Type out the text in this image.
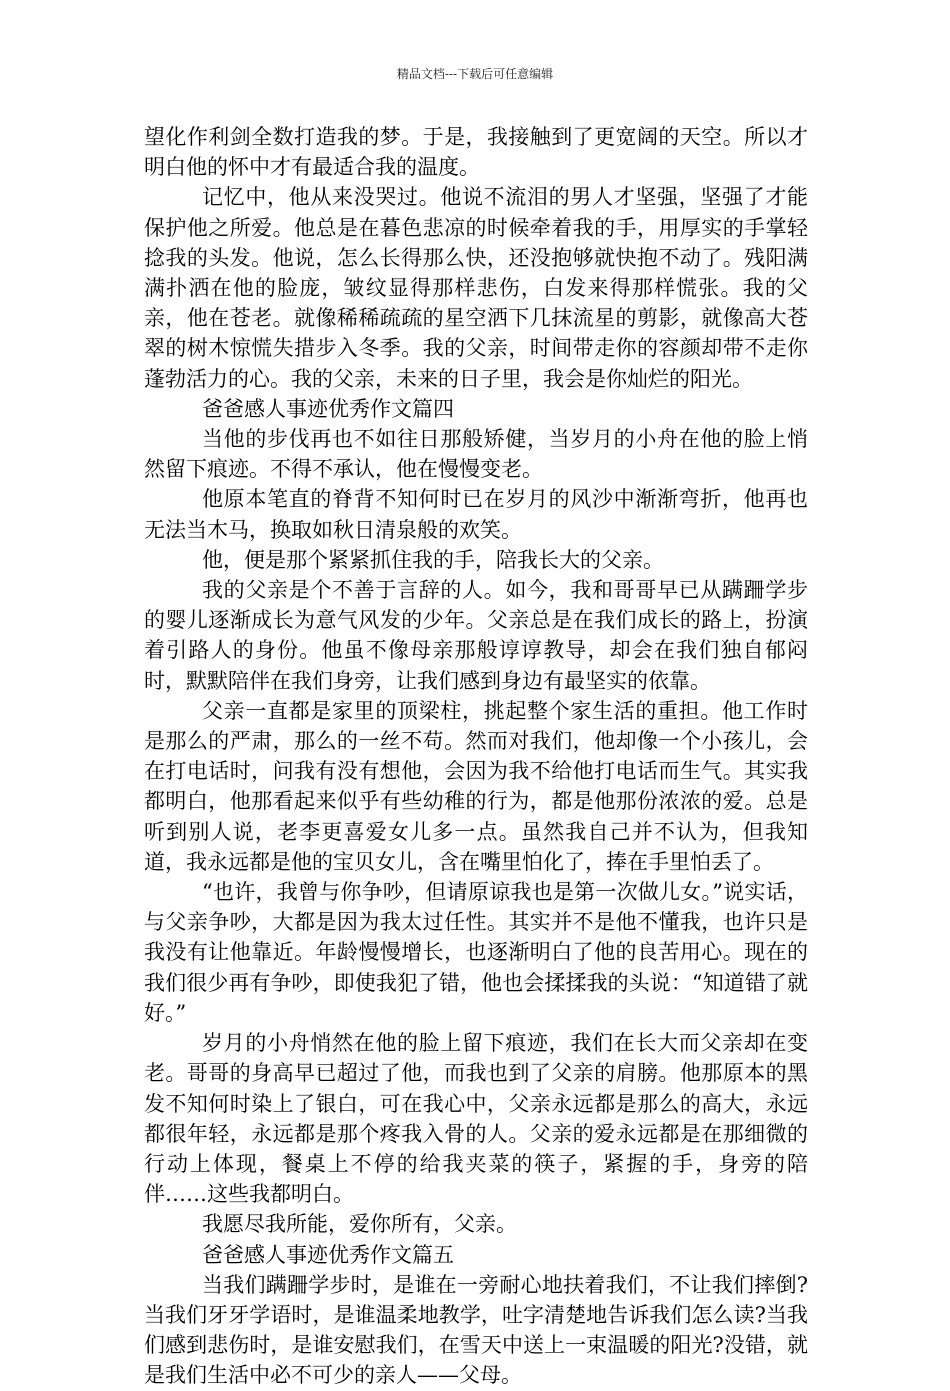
精品文档---下载后可任意编辑

望化作利剑全数打造我的梦。于是，我接触到了更宽阔的天空。所以才明白他的怀中才有最适合我的温度。

记忆中，他从来没哭过。他说不流泪的男人才坚强，坚强了才能保护他之所爱。他总是在暮色悲凉的时候牵着我的手，用厚实的手掌轻捻我的头发。他说，怎么长得那么快，还没抱够就快抱不动了。残阳满满扑洒在他的脸庞，皱纹显得那样悲伤，白发来得那样慌张。我的父亲，他在苍老。就像稀稀疏疏的星空洒下几抹流星的剪影，就像高大苍翠的树木惊慌失措步入冬季。我的父亲，时间带走你的容颜却带不走你蓬勃活力的心。我的父亲，未来的日子里，我会是你灿烂的阳光。

爸爸感人事迹优秀作文篇四

当他的步伐再也不如往日那般矫健，当岁月的小舟在他的脸上悄然留下痕迹。不得不承认，他在慢慢变老。

他原本笔直的脊背不知何时已在岁月的风沙中渐渐弯折，他再也无法当木马，换取如秋日清泉般的欢笑。

他，便是那个紧紧抓住我的手，陪我长大的父亲。

我的父亲是个不善于言辞的人。如今，我和哥哥早已从蹒跚学步的婴儿逐渐成长为意气风发的少年。父亲总是在我们成长的路上，扮演着引路人的身份。他虽不像母亲那般谆谆教导，却会在我们独自郁闷时，默默陪伴在我们身旁，让我们感到身边有最坚实的依靠。

父亲一直都是家里的顶梁柱，挑起整个家生活的重担。他工作时是那么的严肃，那么的一丝不苟。然而对我们，他却像一个小孩儿，会在打电话时，问我有没有想他，会因为我不给他打电话而生气。其实我都明白，他那看起来似乎有些幼稚的行为，都是他那份浓浓的爱。总是听到别人说，老李更喜爱女儿多一点。虽然我自己并不认为，但我知道，我永远都是他的宝贝女儿，含在嘴里怕化了，捧在手里怕丢了。

“也许，我曾与你争吵，但请原谅我也是第一次做儿女。”说实话，与父亲争吵，大都是因为我太过任性。其实并不是他不懂我，也许只是我没有让他靠近。年龄慢慢增长，也逐渐明白了他的良苦用心。现在的我们很少再有争吵，即使我犯了错，他也会揉揉我的头说：“知道错了就好。”

岁月的小舟悄然在他的脸上留下痕迹，我们在长大而父亲却在变老。哥哥的身高早已超过了他，而我也到了父亲的肩膀。他那原本的黑发不知何时染上了银白，可在我心中，父亲永远都是那么的高大，永远都很年轻，永远都是那个疼我入骨的人。父亲的爱永远都是在那细微的行动上体现，餐桌上不停的给我夹菜的筷子，紧握的手，身旁的陪伴……这些我都明白。

我愿尽我所能，爱你所有，父亲。

爸爸感人事迹优秀作文篇五

当我们蹒跚学步时，是谁在一旁耐心地扶着我们，不让我们摔倒?当我们牙牙学语时，是谁温柔地教学，吐字清楚地告诉我们怎么读?当我们感到悲伤时，是谁安慰我们，在雪天中送上一束温暖的阳光?没错，就是我们生活中必不可少的亲人——父母。
